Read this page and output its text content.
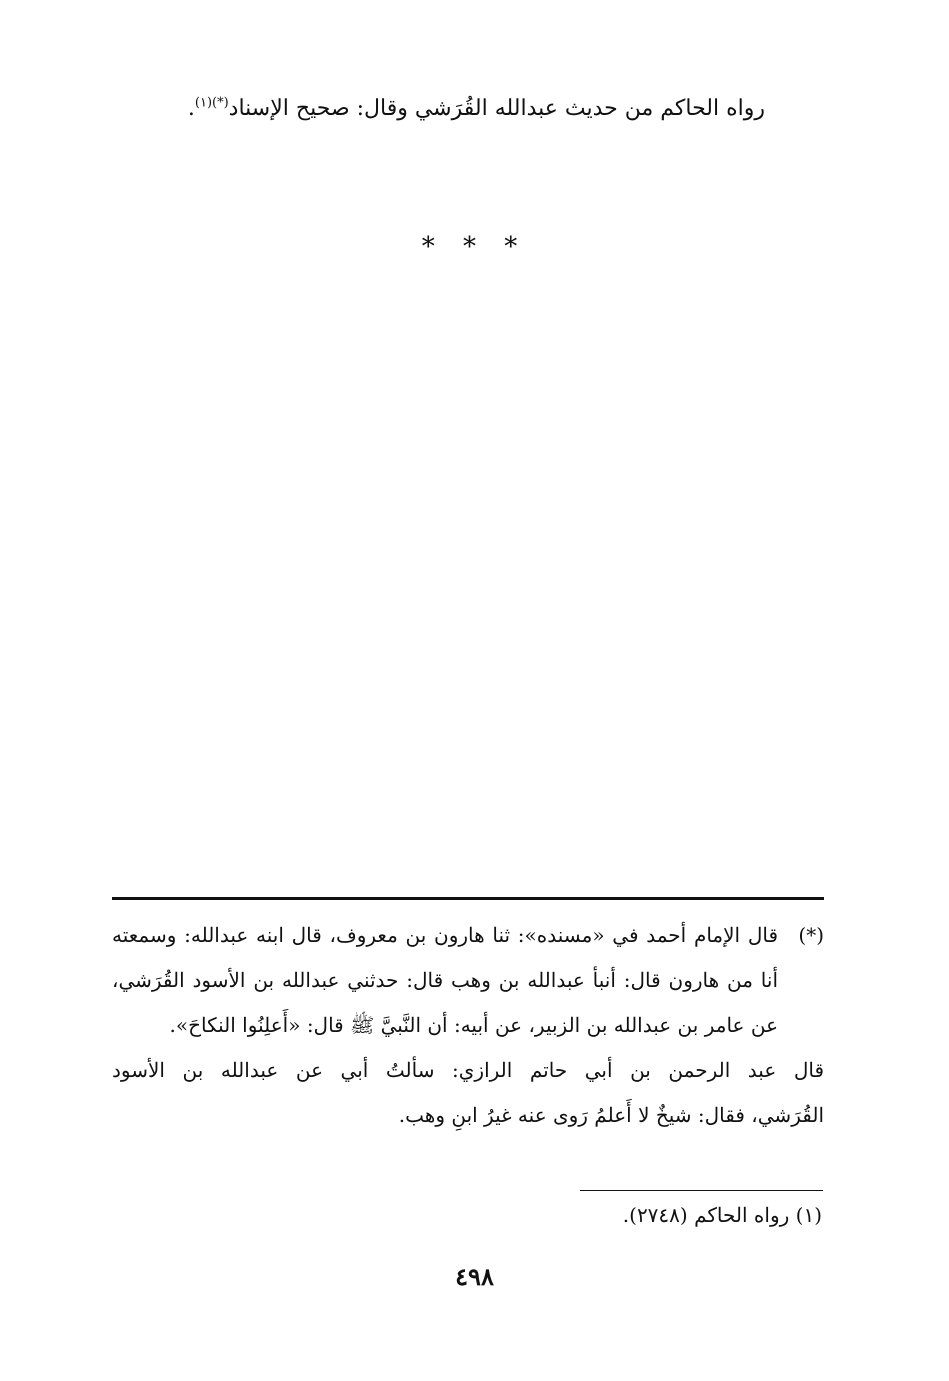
رواه الحاكم من حديث عبدالله القُرَشي وقال: صحيح الإسناد$^{(*)(١)}$.
* * *
(*)
قال الإمام أحمد في «مسنده»: ثنا هارون بن معروف، قال ابنه عبدالله: وسمعته
أنا من هارون قال: أنبأ عبدالله بن وهب قال: حدثني عبدالله بن الأسود القُرَشي،
عن عامر بن عبدالله بن الزبير، عن أبيه: أن النَّبيَّ ﷺ قال: «أَعلِنُوا النكاحَ».
قال عبد الرحمن بن أبي حاتم الرازي: سألتُ أبي عن عبدالله بن الأسود
القُرَشي، فقال: شيخٌ لا أَعلمُ رَوى عنه غيرُ ابنِ وهب.
(١) رواه الحاكم (٢٧٤٨).
٤٩٨
